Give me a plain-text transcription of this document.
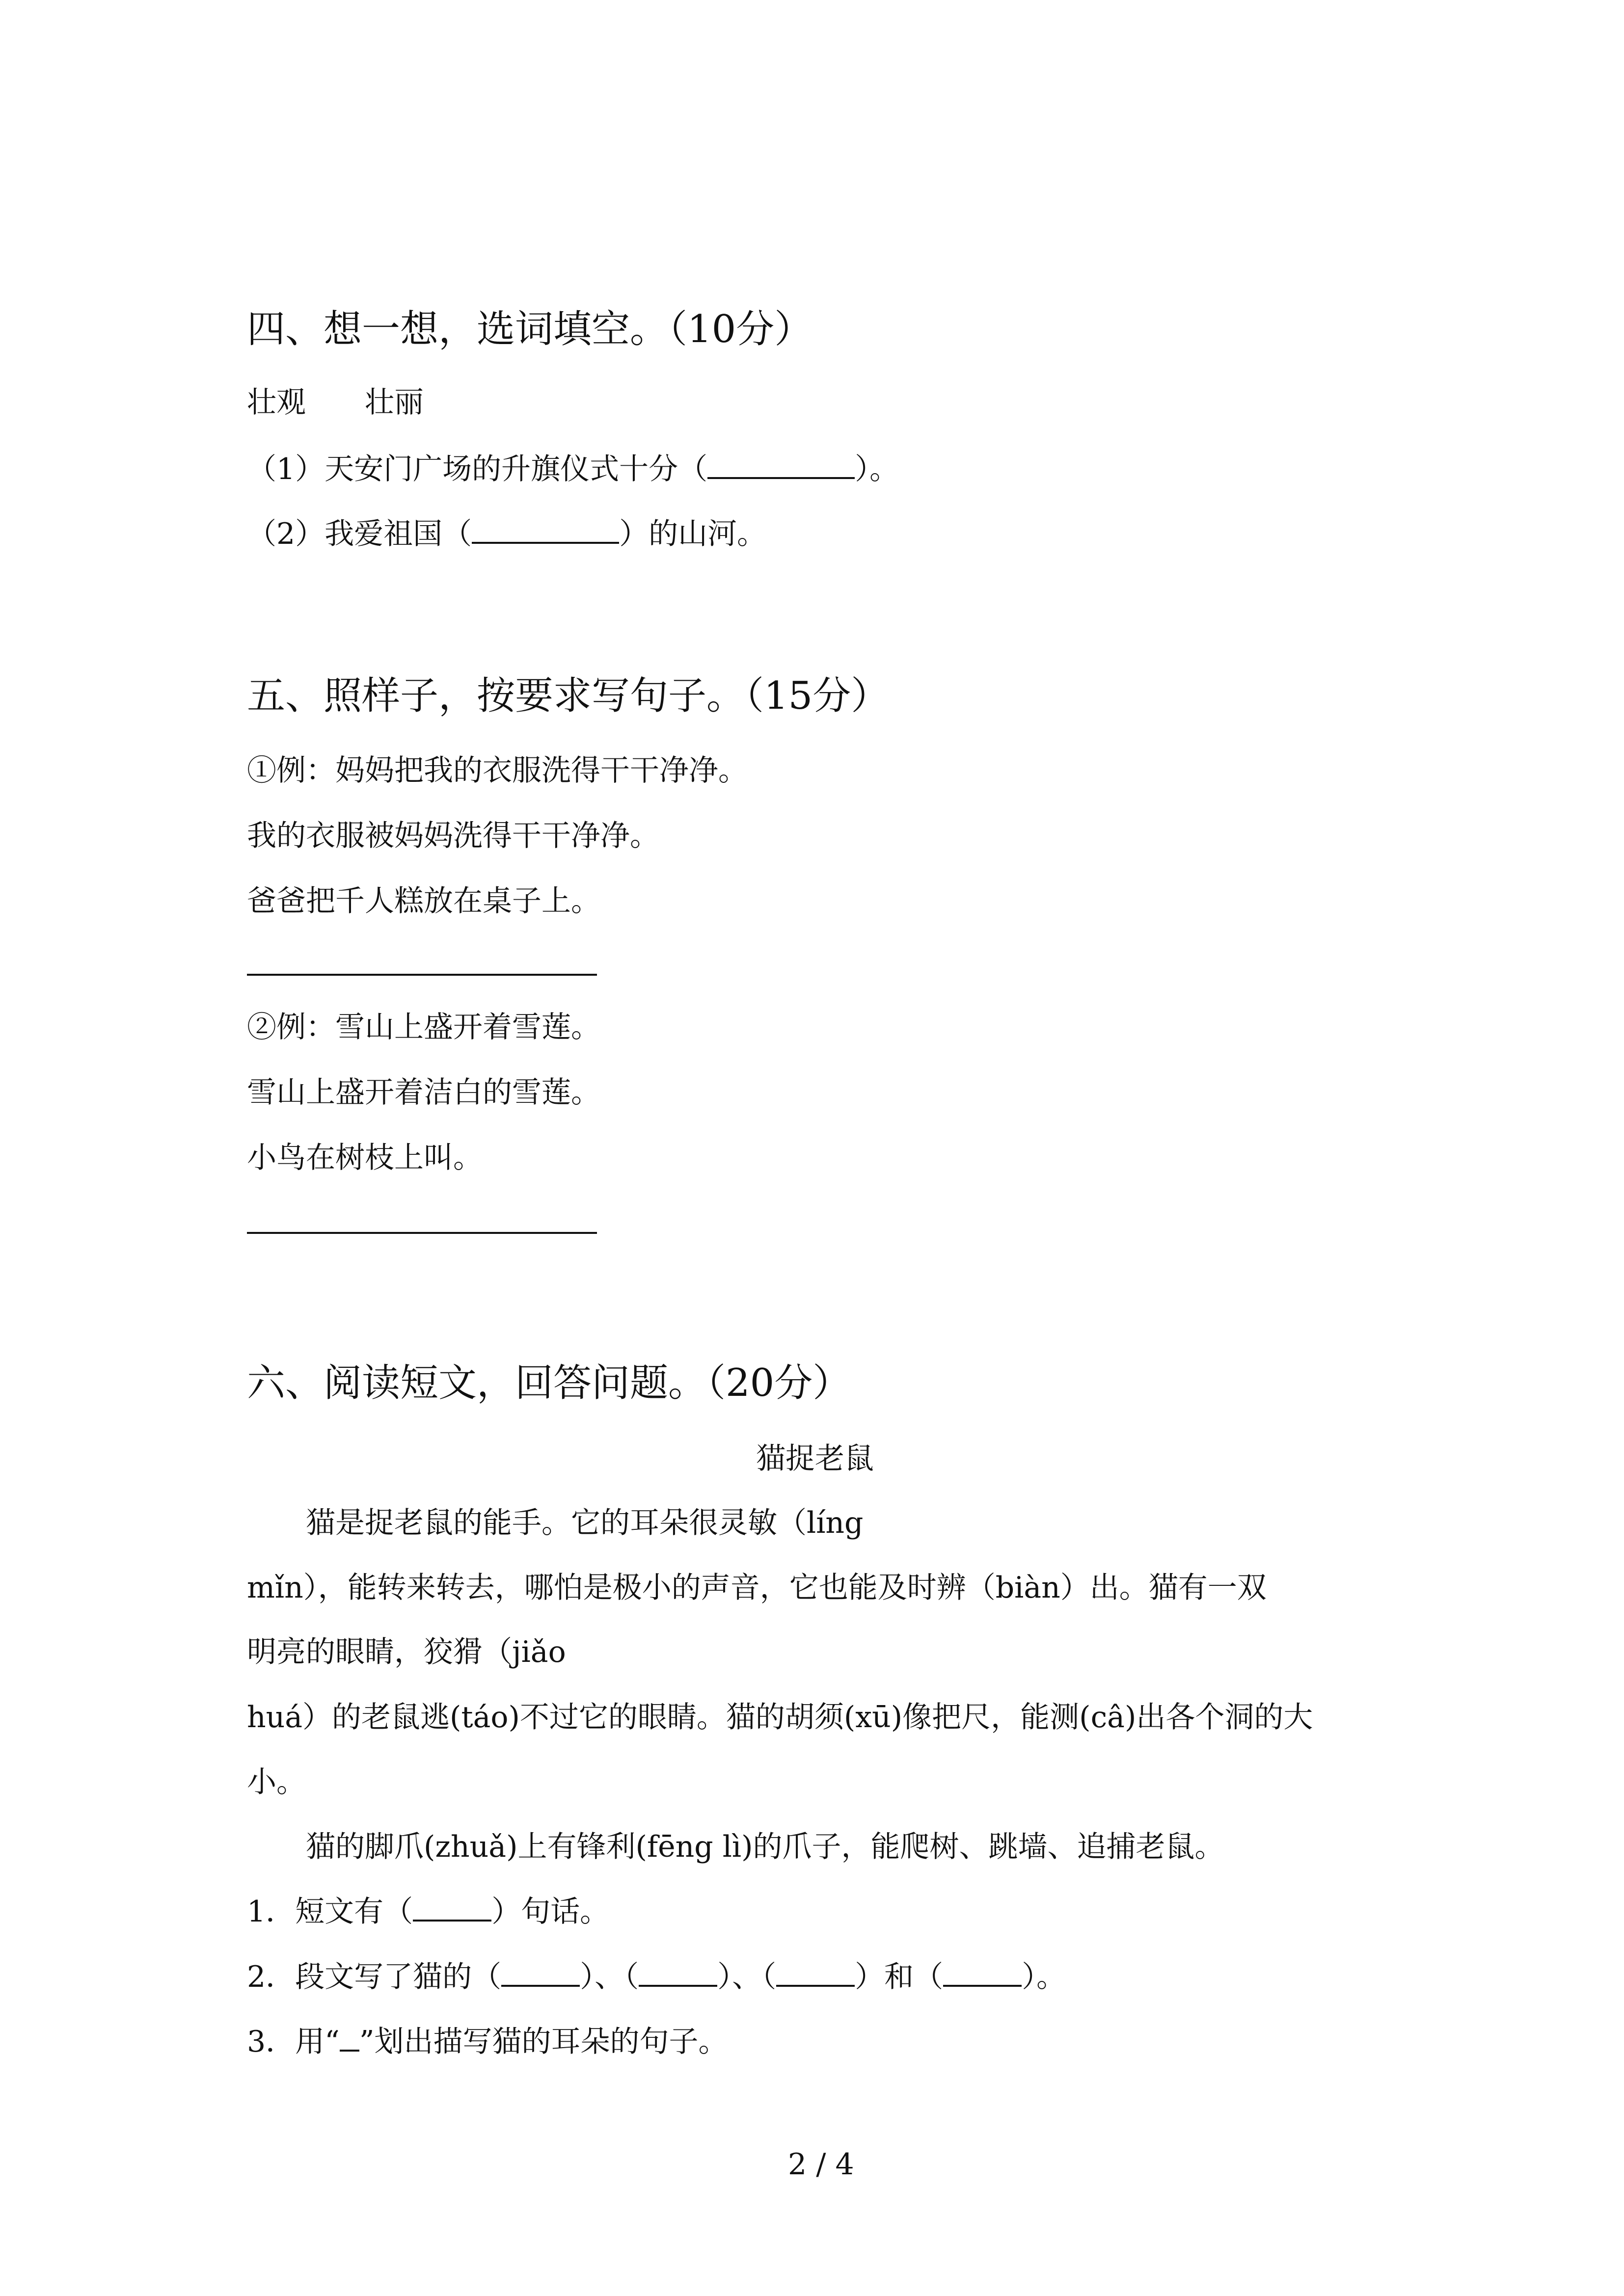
四、想一想，选词填空。（10分）
壮观 壮丽
（1）天安门广场的升旗仪式十分（	）。
（2）我爱祖国（	）的山河。
五、照样子，按要求写句子。（15分）
①例：妈妈把我的衣服洗得干干净净。
我的衣服被妈妈洗得干干净净。
爸爸把千人糕放在桌子上。
②例：雪山上盛开着雪莲。
雪山上盛开着洁白的雪莲。
小鸟在树枝上叫。
六、阅读短文，回答问题。（20分）
猫捉老鼠
猫是捉老鼠的能手。它的耳朵很灵敏（líng
mǐn），能转来转去，哪怕是极小的声音，它也能及时辨（biàn）出。猫有一双
明亮的眼睛，狡猾（jiǎo
huá）的老鼠逃(táo)不过它的眼睛。猫的胡须(xū)像把尺，能测(câ)出各个洞的大
小。
猫的脚爪(zhuǎ)上有锋利(fēng lì)的爪子，能爬树、跳墙、追捕老鼠。
1．短文有（	）句话。
2．段文写了猫的（	）、（	）、（	）和（	）。
3．用“ ”划出描写猫的耳朵的句子。
2 / 4
